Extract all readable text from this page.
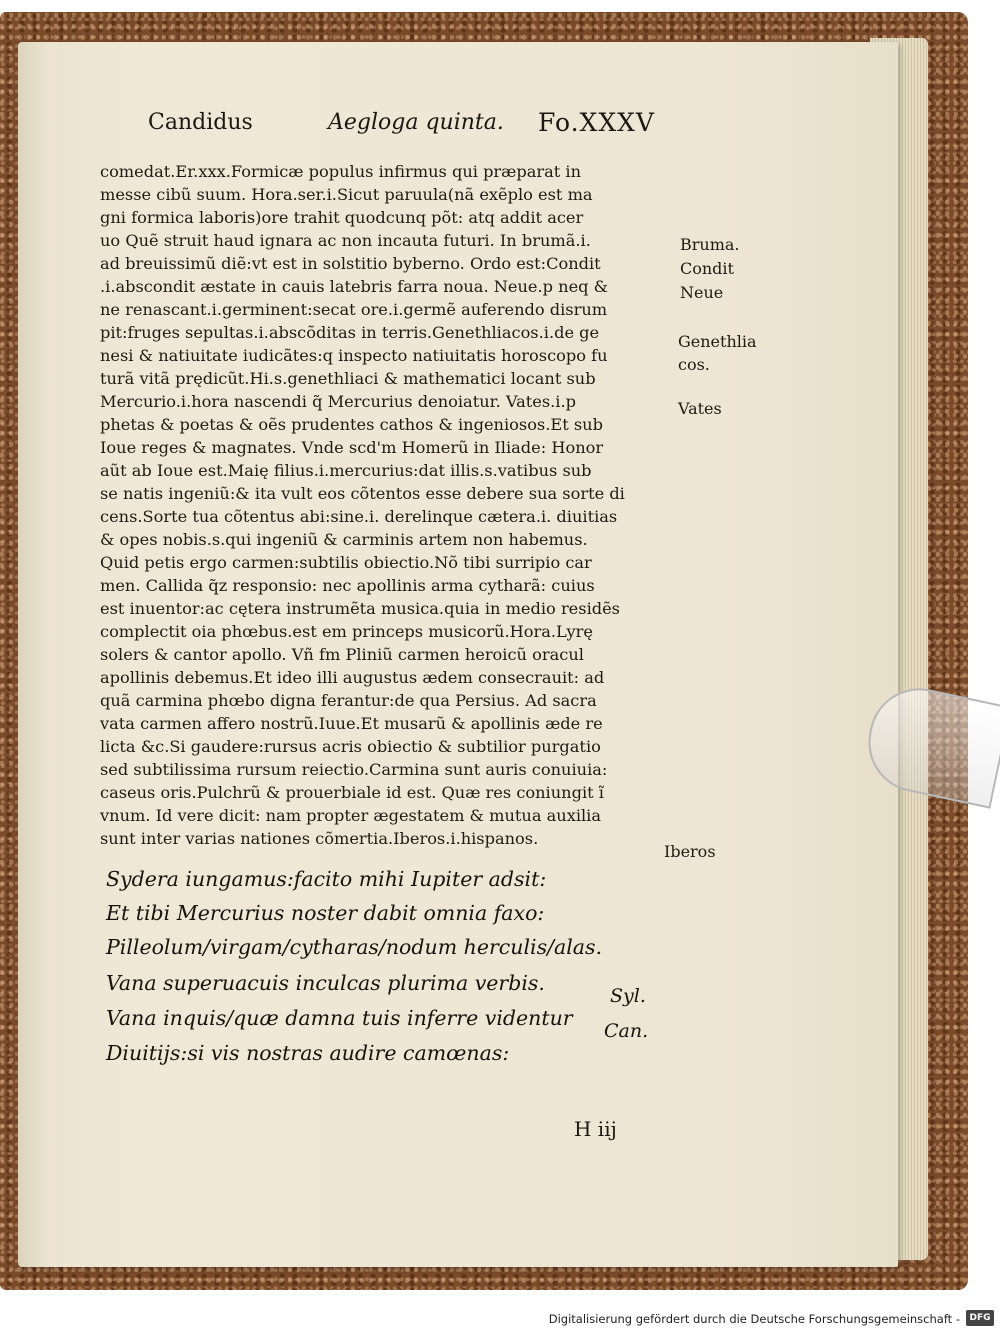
Candidus	Aegloga quinta. Fo.XXXV
comedat.Er.xxx.Formicæ populus infirmus qui præparat in
messe cibũ suum. Hora.ser.i.Sicut paruula(nã exẽplo est ma
gni formica laboris)ore trahit quodcunq põt: atq addit acer
uo Quẽ struit haud ignara ac non incauta futuri. In brumã.i.
ad breuissimũ diẽ:vt est in solstitio byberno. Ordo est:Condit
.i.abscondit æstate in cauis latebris farra noua. Neue.p neq &
ne renascant.i.germinent:secat ore.i.germẽ auferendo disrum
pit:fruges sepultas.i.abscõditas in terris.Genethliacos.i.de ge
nesi & natiuitate iudicãtes:q inspecto natiuitatis horoscopo fu
turã vitã prędicũt.Hi.s.genethliaci & mathematici locant sub
Mercurio.i.hora nascendi q̃ Mercurius denoiatur. Vates.i.p
phetas & poetas & oẽs prudentes cathos & ingeniosos.Et sub
Ioue reges & magnates. Vnde scd'm Homerũ in Iliade: Honor
aũt ab Ioue est.Maię filius.i.mercurius:dat illis.s.vatibus sub
se natis ingeniũ:& ita vult eos cõtentos esse debere sua sorte di
cens.Sorte tua cõtentus abi:sine.i. derelinque cætera.i. diuitias
& opes nobis.s.qui ingeniũ & carminis artem non habemus.
Quid petis ergo carmen:subtilis obiectio.Nõ tibi surripio car
men. Callida q̃z responsio: nec apollinis arma cytharã: cuius
est inuentor:ac cętera instrumẽta musica.quia in medio residẽs
complectit oia phœbus.est em princeps musicorũ.Hora.Lyrę
solers & cantor apollo. Vñ fm Pliniũ carmen heroicũ oracul
apollinis debemus.Et ideo illi augustus ædem consecrauit: ad
quã carmina phœbo digna ferantur:de qua Persius. Ad sacra
vata carmen affero nostrũ.Iuue.Et musarũ & apollinis æde re
licta &c.Si gaudere:rursus acris obiectio & subtilior purgatio
sed subtilissima rursum reiectio.Carmina sunt auris conuiuia:
caseus oris.Pulchrũ & prouerbiale id est. Quæ res coniungit ĩ
vnum. Id vere dicit: nam propter ægestatem & mutua auxilia
sunt inter varias nationes cõmertia.Iberos.i.hispanos.
Bruma.
Condit
Neue
Genethlia
cos.
Vates
Iberos
Sydera iungamus:facito mihi Iupiter adsit:
Et tibi Mercurius noster dabit omnia faxo:
Pilleolum/virgam/cytharas/nodum herculis/alas.
Vana superuacuis inculcas plurima verbis.
Vana inquis/quæ damna tuis inferre videntur
Diuitijs:si vis nostras audire camœnas:
Syl.
Can.
H iij
Digitalisierung gefördert durch die Deutsche Forschungsgemeinschaft -	DFG
